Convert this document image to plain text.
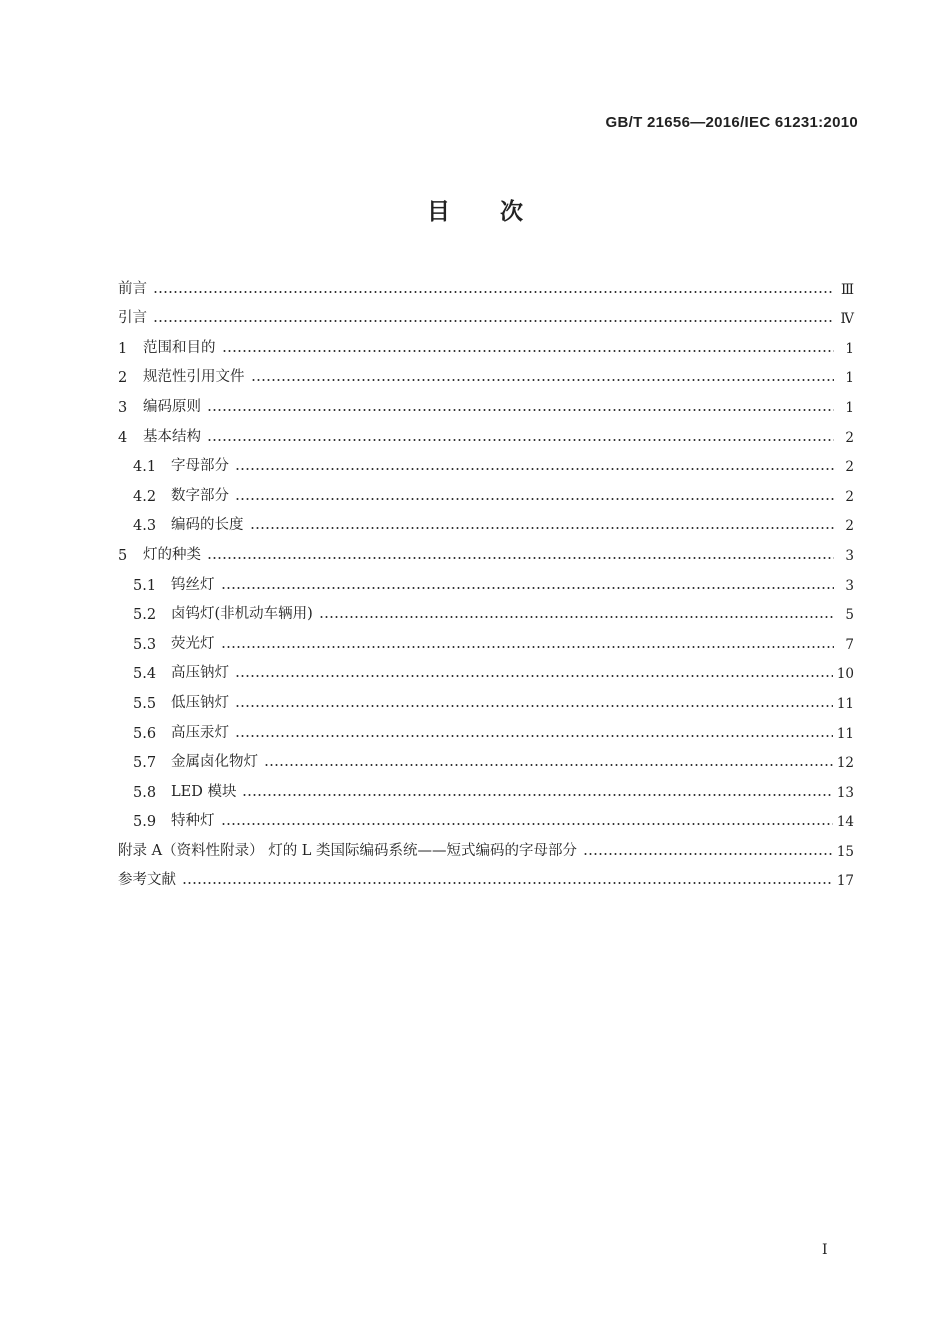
GB/T 21656—2016/IEC 61231:2010
目次
前言	Ⅲ
引言	Ⅳ
1	范围和目的	1
2	规范性引用文件	1
3	编码原则	1
4	基本结构	2
4.1	字母部分	2
4.2	数字部分	2
4.3	编码的长度	2
5	灯的种类	3
5.1	钨丝灯	3
5.2	卤钨灯(非机动车辆用)	5
5.3	荧光灯	7
5.4	高压钠灯	10
5.5	低压钠灯	11
5.6	高压汞灯	11
5.7	金属卤化物灯	12
5.8	LED 模块	13
5.9	特种灯	14
附录 A（资料性附录） 灯的 L 类国际编码系统——短式编码的字母部分	15
参考文献	17
I
